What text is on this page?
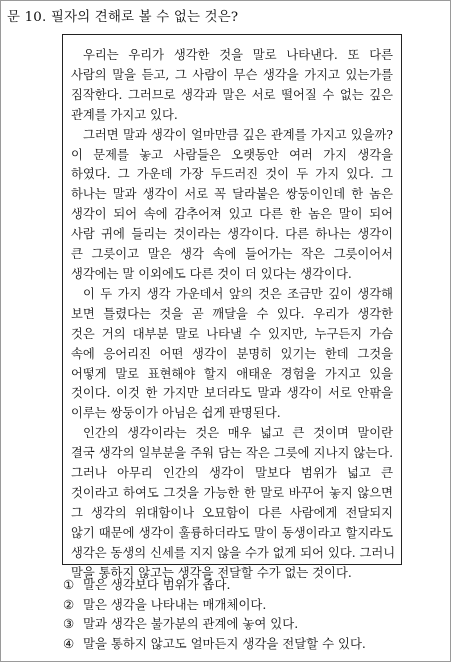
문 10. 필자의 견해로 볼 수 없는 것은?

우리는 우리가 생각한 것을 말로 나타낸다. 또 다른

사람의 말을 듣고, 그 사람이 무슨 생각을 가지고 있는가를

짐작한다. 그러므로 생각과 말은 서로 떨어질 수 없는 깊은

관계를 가지고 있다.

그러면 말과 생각이 얼마만큼 깊은 관계를 가지고 있을까?

이 문제를 놓고 사람들은 오랫동안 여러 가지 생각을

하였다. 그 가운데 가장 두드러진 것이 두 가지 있다. 그

하나는 말과 생각이 서로 꼭 달라붙은 쌍둥이인데 한 놈은

생각이 되어 속에 감추어져 있고 다른 한 놈은 말이 되어

사람 귀에 들리는 것이라는 생각이다. 다른 하나는 생각이

큰 그릇이고 말은 생각 속에 들어가는 작은 그릇이어서

생각에는 말 이외에도 다른 것이 더 있다는 생각이다.

이 두 가지 생각 가운데서 앞의 것은 조금만 깊이 생각해

보면 틀렸다는 것을 곧 깨달을 수 있다. 우리가 생각한

것은 거의 대부분 말로 나타낼 수 있지만, 누구든지 가슴

속에 응어리진 어떤 생각이 분명히 있기는 한데 그것을

어떻게 말로 표현해야 할지 애태운 경험을 가지고 있을

것이다. 이것 한 가지만 보더라도 말과 생각이 서로 안팎을

이루는 쌍둥이가 아님은 쉽게 판명된다.

인간의 생각이라는 것은 매우 넓고 큰 것이며 말이란

결국 생각의 일부분을 주워 담는 작은 그릇에 지나지 않는다.

그러나 아무리 인간의 생각이 말보다 범위가 넓고 큰

것이라고 하여도 그것을 가능한 한 말로 바꾸어 놓지 않으면

그 생각의 위대함이나 오묘함이 다른 사람에게 전달되지

않기 때문에 생각이 훌륭하더라도 말이 동생이라고 할지라도

생각은 동생의 신세를 지지 않을 수가 없게 되어 있다. 그러니

말을 통하지 않고는 생각을 전달할 수가 없는 것이다.

① 말은 생각보다 범위가 좁다.
② 말은 생각을 나타내는 매개체이다.
③ 말과 생각은 불가분의 관계에 놓여 있다.
④ 말을 통하지 않고도 얼마든지 생각을 전달할 수 있다.
